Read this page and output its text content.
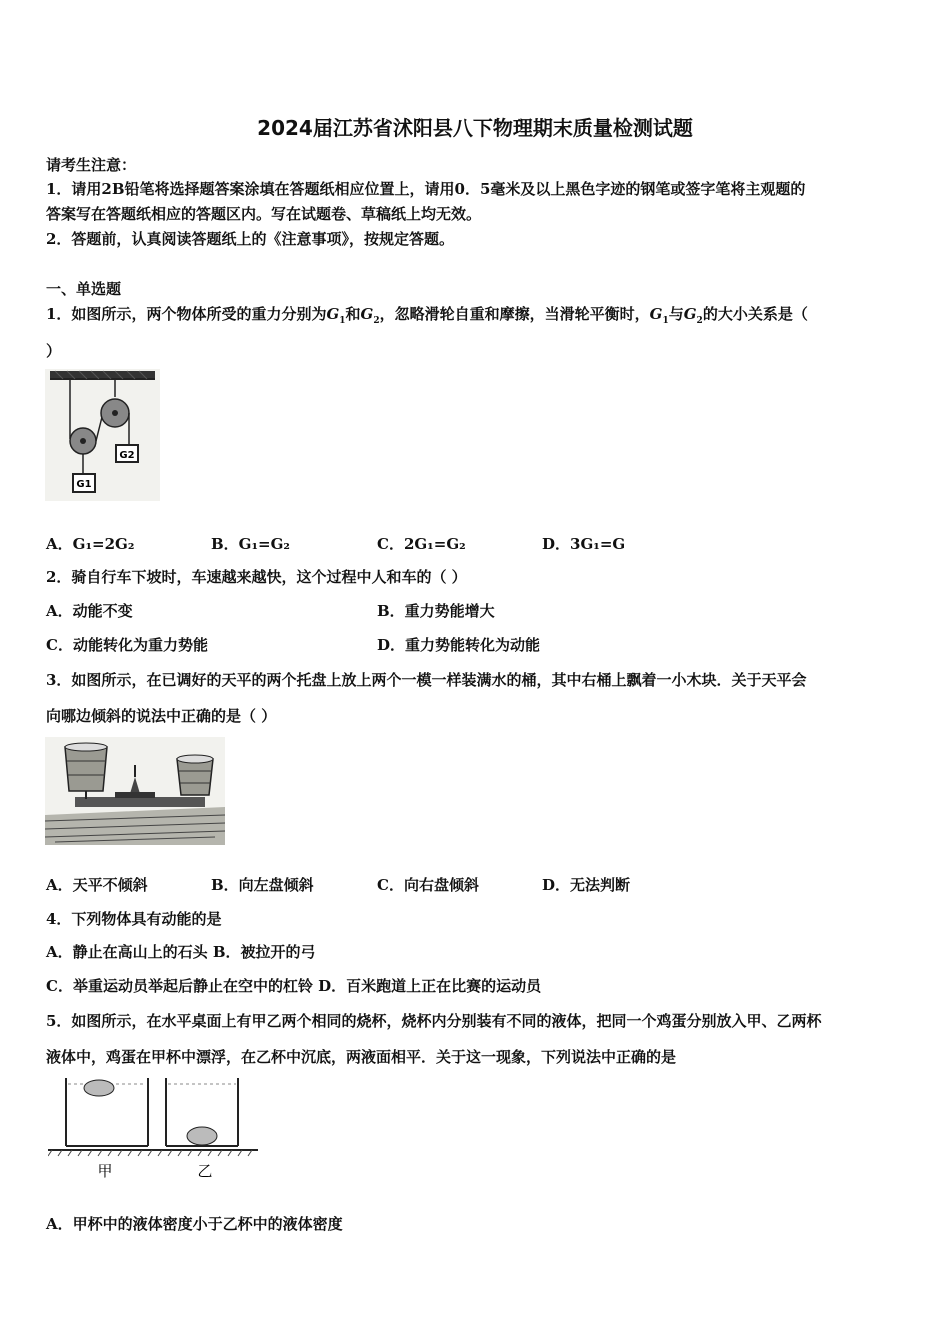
2024届江苏省沭阳县八下物理期末质量检测试题
请考生注意：
1．请用2B铅笔将选择题答案涂填在答题纸相应位置上，请用0．5毫米及以上黑色字迹的钢笔或签字笔将主观题的
答案写在答题纸相应的答题区内。写在试题卷、草稿纸上均无效。
2．答题前，认真阅读答题纸上的《注意事项》，按规定答题。
一、单选题
1．如图所示，两个物体所受的重力分别为$G_1$和$G_2$，忽略滑轮自重和摩擦，当滑轮平衡时，$G_1$与$G_2$的大小关系是（
）
G2
G1
A．G₁=2G₂	B．G₁=G₂	C．2G₁=G₂	D．3G₁=G
2．骑自行车下坡时，车速越来越快，这个过程中人和车的（ ）
A．动能不变	B．重力势能增大
C．动能转化为重力势能	D．重力势能转化为动能
3．如图所示，在已调好的天平的两个托盘上放上两个一模一样装满水的桶，其中右桶上飘着一小木块．关于天平会
向哪边倾斜的说法中正确的是（ ）
A．天平不倾斜	B．向左盘倾斜	C．向右盘倾斜	D．无法判断
4．下列物体具有动能的是
A．静止在高山上的石头 B．被拉开的弓
C．举重运动员举起后静止在空中的杠铃 D．百米跑道上正在比赛的运动员
5．如图所示，在水平桌面上有甲乙两个相同的烧杯，烧杯内分别装有不同的液体，把同一个鸡蛋分别放入甲、乙两杯
液体中，鸡蛋在甲杯中漂浮，在乙杯中沉底，两液面相平．关于这一现象，下列说法中正确的是
甲	乙
A．甲杯中的液体密度小于乙杯中的液体密度
